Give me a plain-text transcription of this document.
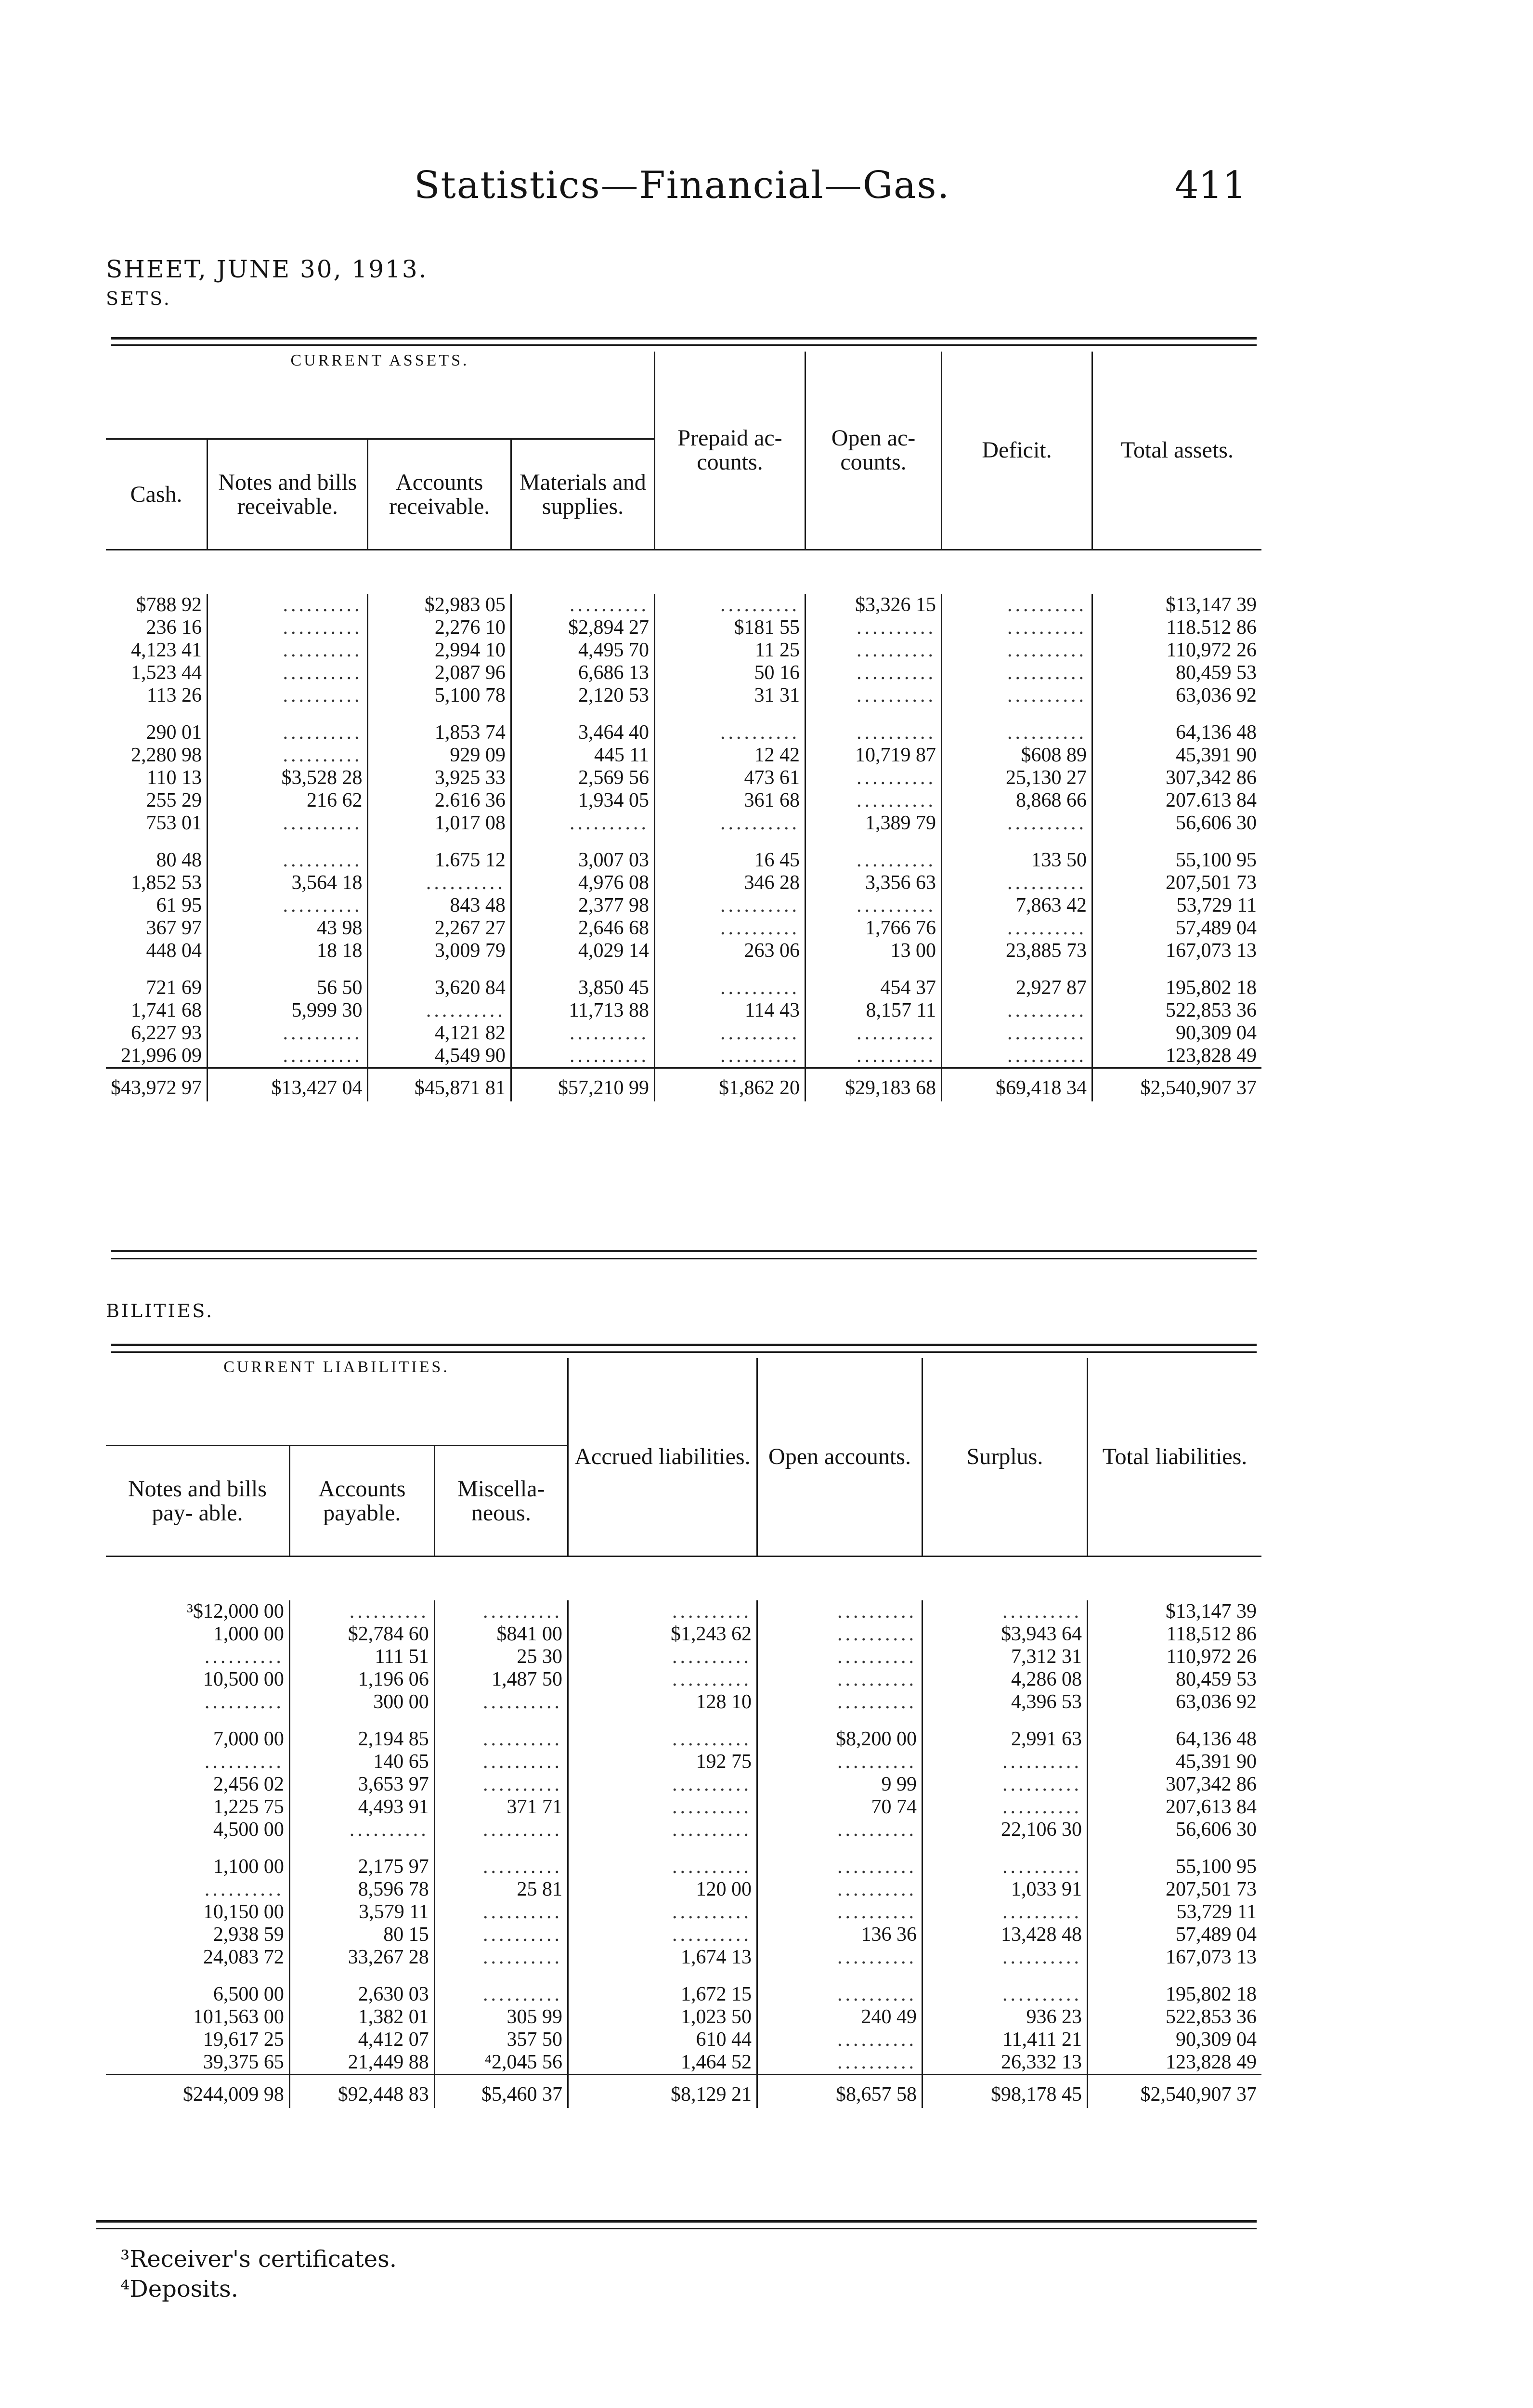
Statistics—Financial—Gas.	411
SHEET, JUNE 30, 1913.
SETS.
CURRENT ASSETS.				Prepaid ac- counts.	Open ac- counts.	Deficit.	Total assets.
Cash.	Notes and bills receivable.	Accounts receivable.	Materials and supplies.				

$788 92	..........	$2,983 05	..........	..........	$3,326 15	..........	$13,147 39
236 16	..........	2,276 10	$2,894 27	$181 55	..........	..........	118.512 86
4,123 41	..........	2,994 10	4,495 70	11 25	..........	..........	110,972 26
1,523 44	..........	2,087 96	6,686 13	50 16	..........	..........	80,459 53
113 26	..........	5,100 78	2,120 53	31 31	..........	..........	63,036 92
290 01	..........	1,853 74	3,464 40	..........	..........	..........	64,136 48
2,280 98	..........	929 09	445 11	12 42	10,719 87	$608 89	45,391 90
110 13	$3,528 28	3,925 33	2,569 56	473 61	..........	25,130 27	307,342 86
255 29	216 62	2.616 36	1,934 05	361 68	..........	8,868 66	207.613 84
753 01	..........	1,017 08	..........	..........	1,389 79	..........	56,606 30
80 48	..........	1.675 12	3,007 03	16 45	..........	133 50	55,100 95
1,852 53	3,564 18	..........	4,976 08	346 28	3,356 63	..........	207,501 73
61 95	..........	843 48	2,377 98	..........	..........	7,863 42	53,729 11
367 97	43 98	2,267 27	2,646 68	..........	1,766 76	..........	57,489 04
448 04	18 18	3,009 79	4,029 14	263 06	13 00	23,885 73	167,073 13
721 69	56 50	3,620 84	3,850 45	..........	454 37	2,927 87	195,802 18
1,741 68	5,999 30	..........	11,713 88	114 43	8,157 11	..........	522,853 36
6,227 93	..........	4,121 82	..........	..........	..........	..........	90,309 04
21,996 09	..........	4,549 90	..........	..........	..........	..........	123,828 49
$43,972 97	$13,427 04	$45,871 81	$57,210 99	$1,862 20	$29,183 68	$69,418 34	$2,540,907 37
BILITIES.
CURRENT LIABILITIES.			Accrued liabilities.	Open accounts.	Surplus.	Total liabilities.
Notes and bills pay- able.	Accounts payable.	Miscella- neous.				

³$12,000 00	..........	..........	..........	..........	..........	$13,147 39
1,000 00	$2,784 60	$841 00	$1,243 62	..........	$3,943 64	118,512 86
..........	111 51	25 30	..........	..........	7,312 31	110,972 26
10,500 00	1,196 06	1,487 50	..........	..........	4,286 08	80,459 53
..........	300 00	..........	128 10	..........	4,396 53	63,036 92
7,000 00	2,194 85	..........	..........	$8,200 00	2,991 63	64,136 48
..........	140 65	..........	192 75	..........	..........	45,391 90
2,456 02	3,653 97	..........	..........	9 99	..........	307,342 86
1,225 75	4,493 91	371 71	..........	70 74	..........	207,613 84
4,500 00	..........	..........	..........	..........	22,106 30	56,606 30
1,100 00	2,175 97	..........	..........	..........	..........	55,100 95
..........	8,596 78	25 81	120 00	..........	1,033 91	207,501 73
10,150 00	3,579 11	..........	..........	..........	..........	53,729 11
2,938 59	80 15	..........	..........	136 36	13,428 48	57,489 04
24,083 72	33,267 28	..........	1,674 13	..........	..........	167,073 13
6,500 00	2,630 03	..........	1,672 15	..........	..........	195,802 18
101,563 00	1,382 01	305 99	1,023 50	240 49	936 23	522,853 36
19,617 25	4,412 07	357 50	610 44	..........	11,411 21	90,309 04
39,375 65	21,449 88	⁴2,045 56	1,464 52	..........	26,332 13	123,828 49
$244,009 98	$92,448 83	$5,460 37	$8,129 21	$8,657 58	$98,178 45	$2,540,907 37
³Receiver's certificates.
⁴Deposits.
